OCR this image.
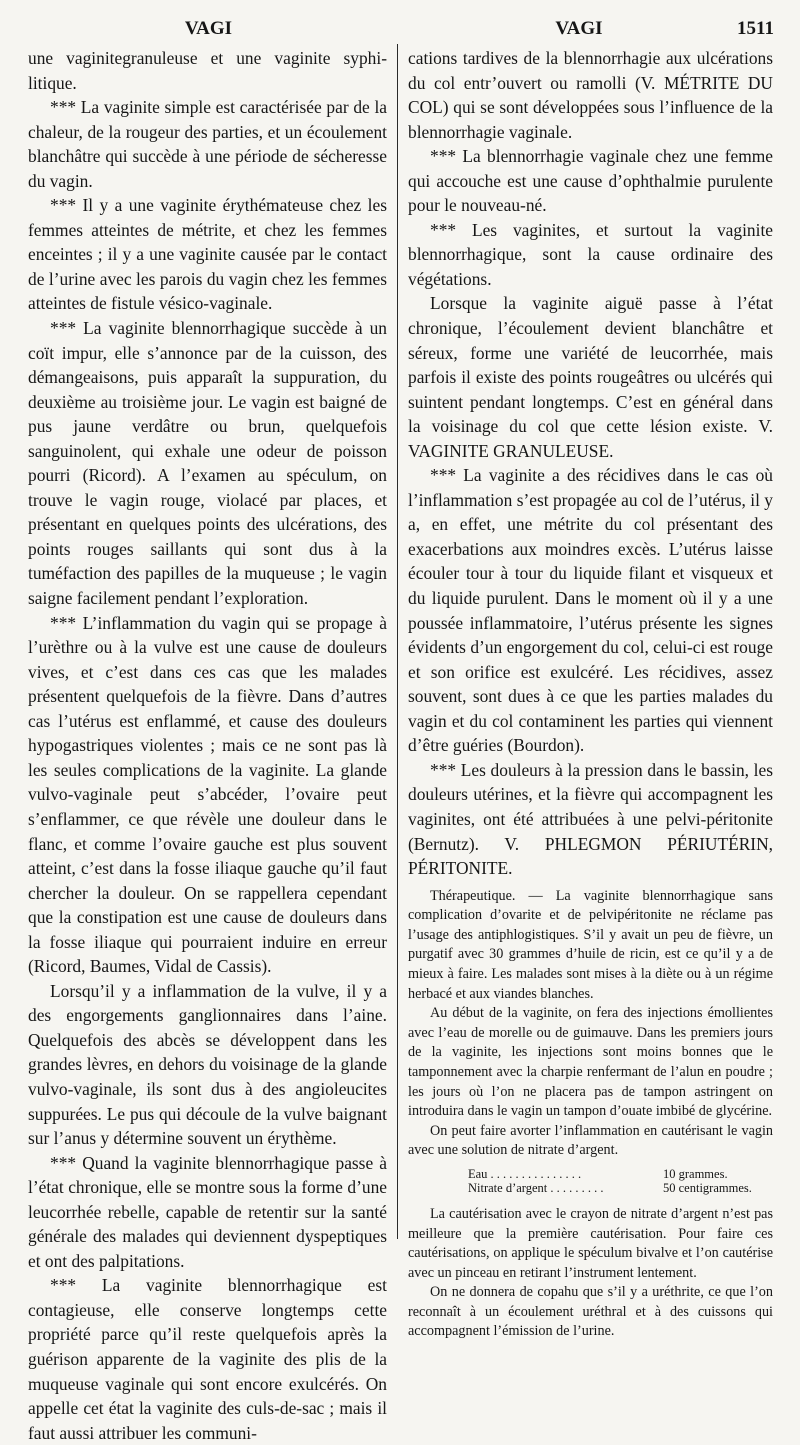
VAGI	VAGI	1511

une vaginitegranuleuse et une vaginite syphi-litique.

*** La vaginite simple est caractérisée par de la chaleur, de la rougeur des parties, et un écoulement blanchâtre qui succède à une période de sécheresse du vagin.

*** Il y a une vaginite érythémateuse chez les femmes atteintes de métrite, et chez les femmes enceintes ; il y a une vaginite causée par le contact de l’urine avec les parois du vagin chez les femmes atteintes de fistule vésico-vaginale.

*** La vaginite blennorrhagique succède à un coït impur, elle s’annonce par de la cuisson, des démangeaisons, puis apparaît la suppuration, du deuxième au troisième jour. Le vagin est baigné de pus jaune verdâtre ou brun, quelquefois sanguinolent, qui exhale une odeur de poisson pourri (Ricord). A l’examen au spéculum, on trouve le vagin rouge, violacé par places, et présentant en quelques points des ulcérations, des points rouges saillants qui sont dus à la tuméfaction des papilles de la muqueuse ; le vagin saigne facilement pendant l’exploration.

*** L’inflammation du vagin qui se propage à l’urèthre ou à la vulve est une cause de douleurs vives, et c’est dans ces cas que les malades présentent quelquefois de la fièvre. Dans d’autres cas l’utérus est enflammé, et cause des douleurs hypogastriques violentes ; mais ce ne sont pas là les seules complications de la vaginite. La glande vulvo-vaginale peut s’abcéder, l’ovaire peut s’enflammer, ce que révèle une douleur dans le flanc, et comme l’ovaire gauche est plus souvent atteint, c’est dans la fosse iliaque gauche qu’il faut chercher la douleur. On se rappellera cependant que la constipation est une cause de douleurs dans la fosse iliaque qui pourraient induire en erreur (Ricord, Baumes, Vidal de Cassis).

Lorsqu’il y a inflammation de la vulve, il y a des engorgements ganglionnaires dans l’aine. Quelquefois des abcès se développent dans les grandes lèvres, en dehors du voisinage de la glande vulvo-vaginale, ils sont dus à des angioleucites suppurées. Le pus qui découle de la vulve baignant sur l’anus y détermine souvent un érythème.

*** Quand la vaginite blennorrhagique passe à l’état chronique, elle se montre sous la forme d’une leucorrhée rebelle, capable de retentir sur la santé générale des malades qui deviennent dyspeptiques et ont des palpitations.

*** La vaginite blennorrhagique est contagieuse, elle conserve longtemps cette propriété parce qu’il reste quelquefois après la guérison apparente de la vaginite des plis de la muqueuse vaginale qui sont encore exulcérés. On appelle cet état la vaginite des culs-de-sac ; mais il faut aussi attribuer les communi-

cations tardives de la blennorrhagie aux ulcérations du col entr’ouvert ou ramolli (V. MÉTRITE DU COL) qui se sont développées sous l’influence de la blennorrhagie vaginale.

*** La blennorrhagie vaginale chez une femme qui accouche est une cause d’ophthalmie purulente pour le nouveau-né.

*** Les vaginites, et surtout la vaginite blennorrhagique, sont la cause ordinaire des végétations.

Lorsque la vaginite aiguë passe à l’état chronique, l’écoulement devient blanchâtre et séreux, forme une variété de leucorrhée, mais parfois il existe des points rougeâtres ou ulcérés qui suintent pendant longtemps. C’est en général dans la voisinage du col que cette lésion existe. V. VAGINITE GRANULEUSE.

*** La vaginite a des récidives dans le cas où l’inflammation s’est propagée au col de l’utérus, il y a, en effet, une métrite du col présentant des exacerbations aux moindres excès. L’utérus laisse écouler tour à tour du liquide filant et visqueux et du liquide purulent. Dans le moment où il y a une poussée inflammatoire, l’utérus présente les signes évidents d’un engorgement du col, celui-ci est rouge et son orifice est exulcéré. Les récidives, assez souvent, sont dues à ce que les parties malades du vagin et du col contaminent les parties qui viennent d’être guéries (Bourdon).

*** Les douleurs à la pression dans le bassin, les douleurs utérines, et la fièvre qui accompagnent les vaginites, ont été attribuées à une pelvi-péritonite (Bernutz). V. PHLEGMON PÉRIUTÉRIN, PÉRITONITE.

Thérapeutique. — La vaginite blennorrhagique sans complication d’ovarite et de pelvipéritonite ne réclame pas l’usage des antiphlogistiques. S’il y avait un peu de fièvre, un purgatif avec 30 grammes d’huile de ricin, est ce qu’il y a de mieux à faire. Les malades sont mises à la diète ou à un régime herbacé et aux viandes blanches.

Au début de la vaginite, on fera des injections émollientes avec l’eau de morelle ou de guimauve. Dans les premiers jours de la vaginite, les injections sont moins bonnes que le tamponnement avec la charpie renfermant de l’alun en poudre ; les jours où l’on ne placera pas de tampon astringent on introduira dans le vagin un tampon d’ouate imbibé de glycérine.

On peut faire avorter l’inflammation en cautérisant le vagin avec une solution de nitrate d’argent.

Eau . . . . . . . . . . . . . . .	10 grammes.
Nitrate d’argent . . . . . . . . .	50 centigrammes.

La cautérisation avec le crayon de nitrate d’argent n’est pas meilleure que la première cautérisation. Pour faire ces cautérisations, on applique le spéculum bivalve et l’on cautérise avec un pinceau en retirant l’instrument lentement.

On ne donnera de copahu que s’il y a uréthrite, ce que l’on reconnaît à un écoulement uréthral et à des cuissons qui accompagnent l’émission de l’urine.
